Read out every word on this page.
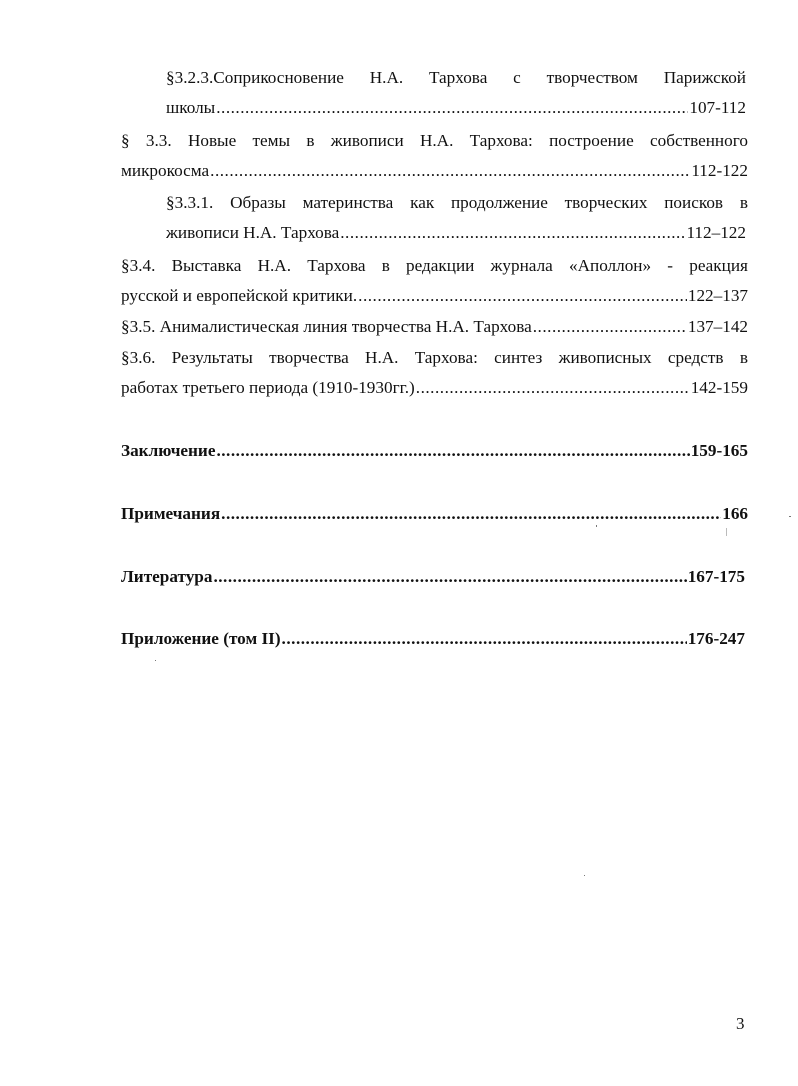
§3.2.3.Соприкосновение Н.А. Тархова с творчеством Парижской
школы .....	107-112
§ 3.3. Новые темы в живописи Н.А. Тархова: построение собственного
микрокосма .....	112-122
§3.3.1. Образы материнства как продолжение творческих поисков в
живописи Н.А. Тархова .....	112–122
§3.4. Выставка Н.А. Тархова в редакции журнала «Аполлон» - реакция
русской и европейской критики. .....	122–137
§3.5. Анималистическая линия творчества Н.А. Тархова .....	137–142
§3.6. Результаты творчества Н.А. Тархова: синтез живописных средств в
работах третьего периода (1910-1930гг.) .....	142-159
Заключение .....	159-165
Примечания .....	166
Литература .....	167-175
Приложение (том II) .....	176-247
3
